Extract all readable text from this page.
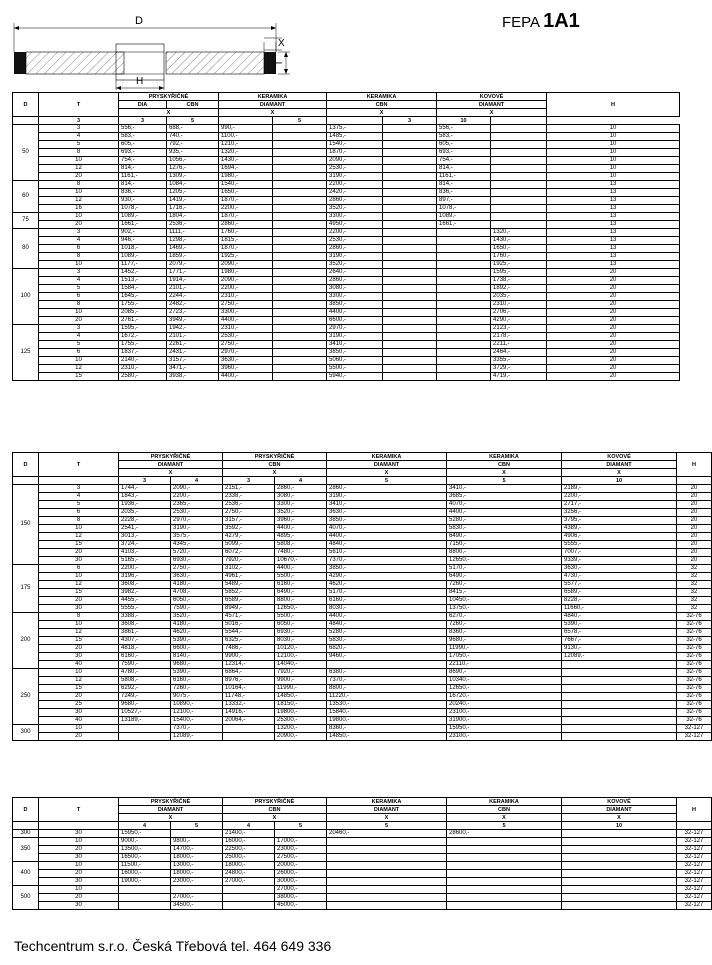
FEPA 1A1
D
X
T
H
D	T	PRYSKYŘIČNÉ		KERAMIKA		KERAMIKA		KOVOVÉ		H
		DIA	CBN	DIAMANT		CBN		DIAMANT		
		X		X		X		X		
	3	3	5		5		3	10		
50	3	556,-	688,-	990,-		1375,-		556,-		10
	4	583,-	740,-	1100,-		1485,-		583,-		10
	5	605,-	792,-	1210,-		1540,-		605,-		10
	8	693,-	935,-	1320,-		1870,-		693,-		10
	10	754,-	1056,-	1430,-		2090,-		754,-		10
	12	814,-	1276,-	1694,-		2530,-		814,-		10
	20	1161,-	1309,-	1980,-		3190,-		1161,-		10
60	8	814,-	1084,-	1540,-		2200,-		814,-		13
	10	836,-	1205,-	1650,-		2420,-		836,-		13
	12	930,-	1419,-	1870,-		2860,-		897,-		13
	16	1078,-	1716,-	2200,-		3520,-		1078,-		13
75	10	1089,-	1804,-	1870,-		3300,-		1089,-		13
	20	1661,-	2536,-	2860,-		4950,-		1661,-		13
80	3	902,-	1111,-	1760,-		2200,-			1320,-	13
	4	946,-	1298,-	1815,-		2530,-			1430,-	13
	6	1018,-	1469,-	1870,-		2860,-			1650,-	13
	8	1089,-	1859,-	1925,-		3190,-			1760,-	13
	10	1177,-	2079,-	2090,-		3520,-			1925,-	13
100	3	1452,-	1771,-	1980,-		2640,-			1595,-	20
	4	1513,-	1914,-	2090,-		2860,-			1738,-	20
	5	1584,-	2101,-	2200,-		3080,-			1892,-	20
	6	1645,-	2244,-	2310,-		3300,-			2035,-	20
	8	1755,-	2482,-	2750,-		3850,-			2310,-	20
	10	2085,-	2723,-	3300,-		4400,-			2706,-	20
	20	2761,-	3949,-	4400,-		6600,-			4290,-	20
125	3	1595,-	1942,-	2310,-		2970,-			2123,-	20
	4	1672,-	2101,-	2530,-		3190,-			2178,-	20
	5	1755,-	2261,-	2750,-		3410,-			2211,-	20
	6	1837,-	2431,-	2970,-		3850,-			2464,-	20
	10	2140,-	3157,-	3630,-		5060,-			3355,-	20
	12	2310,-	3471,-	3960,-		5500,-			3729,-	20
	15	2580,-	3938,-	4400,-		5940,-			4719,-	20
D	T	PRYSKYŘIČNÉ		PRYSKYŘIČNÉ		KERAMIKA	KERAMIKA	KOVOVÉ	H
		DIAMANT		CBN		DIAMANT	CBN	DIAMANT	
		X		X		X	X	X	
		3	4	3	4	5	5	10	
150	3	1744,-	2090,-	2151,-	2860,-	2860,-	3410,-	2189,-	20
	4	1843,-	2200,-	2338,-	3080,-	3190,-	3685,-	2200,-	20
	5	1936,-	2365,-	2536,-	3300,-	3410,-	4070,-	2717,-	20
	6	2035,-	2530,-	2750,-	3520,-	3630,-	4400,-	3256,-	20
	8	2228,-	2970,-	3157,-	3960,-	3850,-	5280,-	3795,-	20
	10	2541,-	3190,-	3592,-	4400,-	4070,-	5830,-	4389,-	20
	12	3013,-	3575,-	4279,-	4895,-	4400,-	6490,-	4906,-	20
	15	3724,-	4345,-	5099,-	5808,-	4840,-	7150,-	5555,-	20
	20	4103,-	5720,-	6072,-	7480,-	5610,-	8800,-	7007,-	20
	30	5165,-	6930,-	7920,-	10670,-	7370,-	12650,-	9339,-	20
175	6	2200,-	2750,-	3102,-	4400,-	3850,-	5170,-	3630,-	32
	10	3196,-	3630,-	4961,-	5500,-	4290,-	6490,-	4730,-	32
	12	3608,-	4180,-	5489,-	6160,-	4620,-	7260,-	5577,-	32
	15	3982,-	4708,-	5852,-	6490,-	5170,-	8415,-	6589,-	32
	20	4455,-	6050,-	6589,-	8800,-	6160,-	10450,-	8228,-	32
	30	5555,-	7590,-	8949,-	12650,-	8030,-	13750,-	11660,-	32
200	8	3388,-	3520,-	4571,-	5500,-	4400,-	6270,-	4840,-	32-76
	10	3608,-	4180,-	5016,-	6050,-	4840,-	7260,-	5390,-	32-76
	12	3861,-	4620,-	5544,-	6930,-	5280,-	8360,-	6578,-	32-76
	15	4307,-	5390,-	6325,-	8030,-	5830,-	9680,-	7667,-	32-76
	20	4818,-	6600,-	7486,-	10120,-	6820,-	11990,-	9130,-	32-76
	30	6160,-	8140,-	9900,-	12100,-	9460,-	17050,-	12089,-	32-76
	40	7590,-	9680,-	12314,-	14040,-		22110,-		32-76
250	10	4780,-	5390,-	6864,-	7920,-	6380,-	8690,-		32-76
	12	5808,-	6160,-	8976,-	9900,-	7370,-	10340,-		32-76
	15	6292,-	7260,-	10164,-	11990,-	8800,-	12650,-		32-76
	20	7249,-	9075,-	11748,-	14850,-	11220,-	16720,-		32-76
	25	9680,-	10890,-	13332,-	18150,-	13530,-	20240,-		32-76
	30	10527,-	12100,-	14916,-	19800,-	15840,-	23100,-		32-76
	40	13189,-	15400,-	20064,-	25300,-	19800,-	31900,-		32-76
300	10		7370,-		13200,-	8360,-	15950,-		32-127
	20		12089,-		20900,-	14850,-	23100,-		32-127
D	T	PRYSKYŘIČNÉ		PRYSKYŘIČNÉ		KERAMIKA	KERAMIKA	KOVOVÉ	H
		DIAMANT		CBN		DIAMANT	CBN	DIAMANT	
		X		X		X	X	X	
		4	5	4	5	5	5	10	
300	30	15950,-		21400,-		20460,-	28600,-		32-127
350	10	9000,-	9800,-	16000,-	17000,-				32-127
	20	13500,-	14700,-	22500,-	23000,-				32-127
	30	16500,-	18000,-	25000,-	27500,-				32-127
400	10	11500,-	13000,-	18000,-	20000,-				32-127
	20	16000,-	18000,-	24800,-	26000,-				32-127
	30	19000,-	23000,-	27000,-	30000,-				32-127
500	10				27000,-				32-127
	20		27000,-		38000,-				32-127
	30		34500,-		45000,-				32-127
Techcentrum s.r.o. Česká Třebová tel. 464 649 336
